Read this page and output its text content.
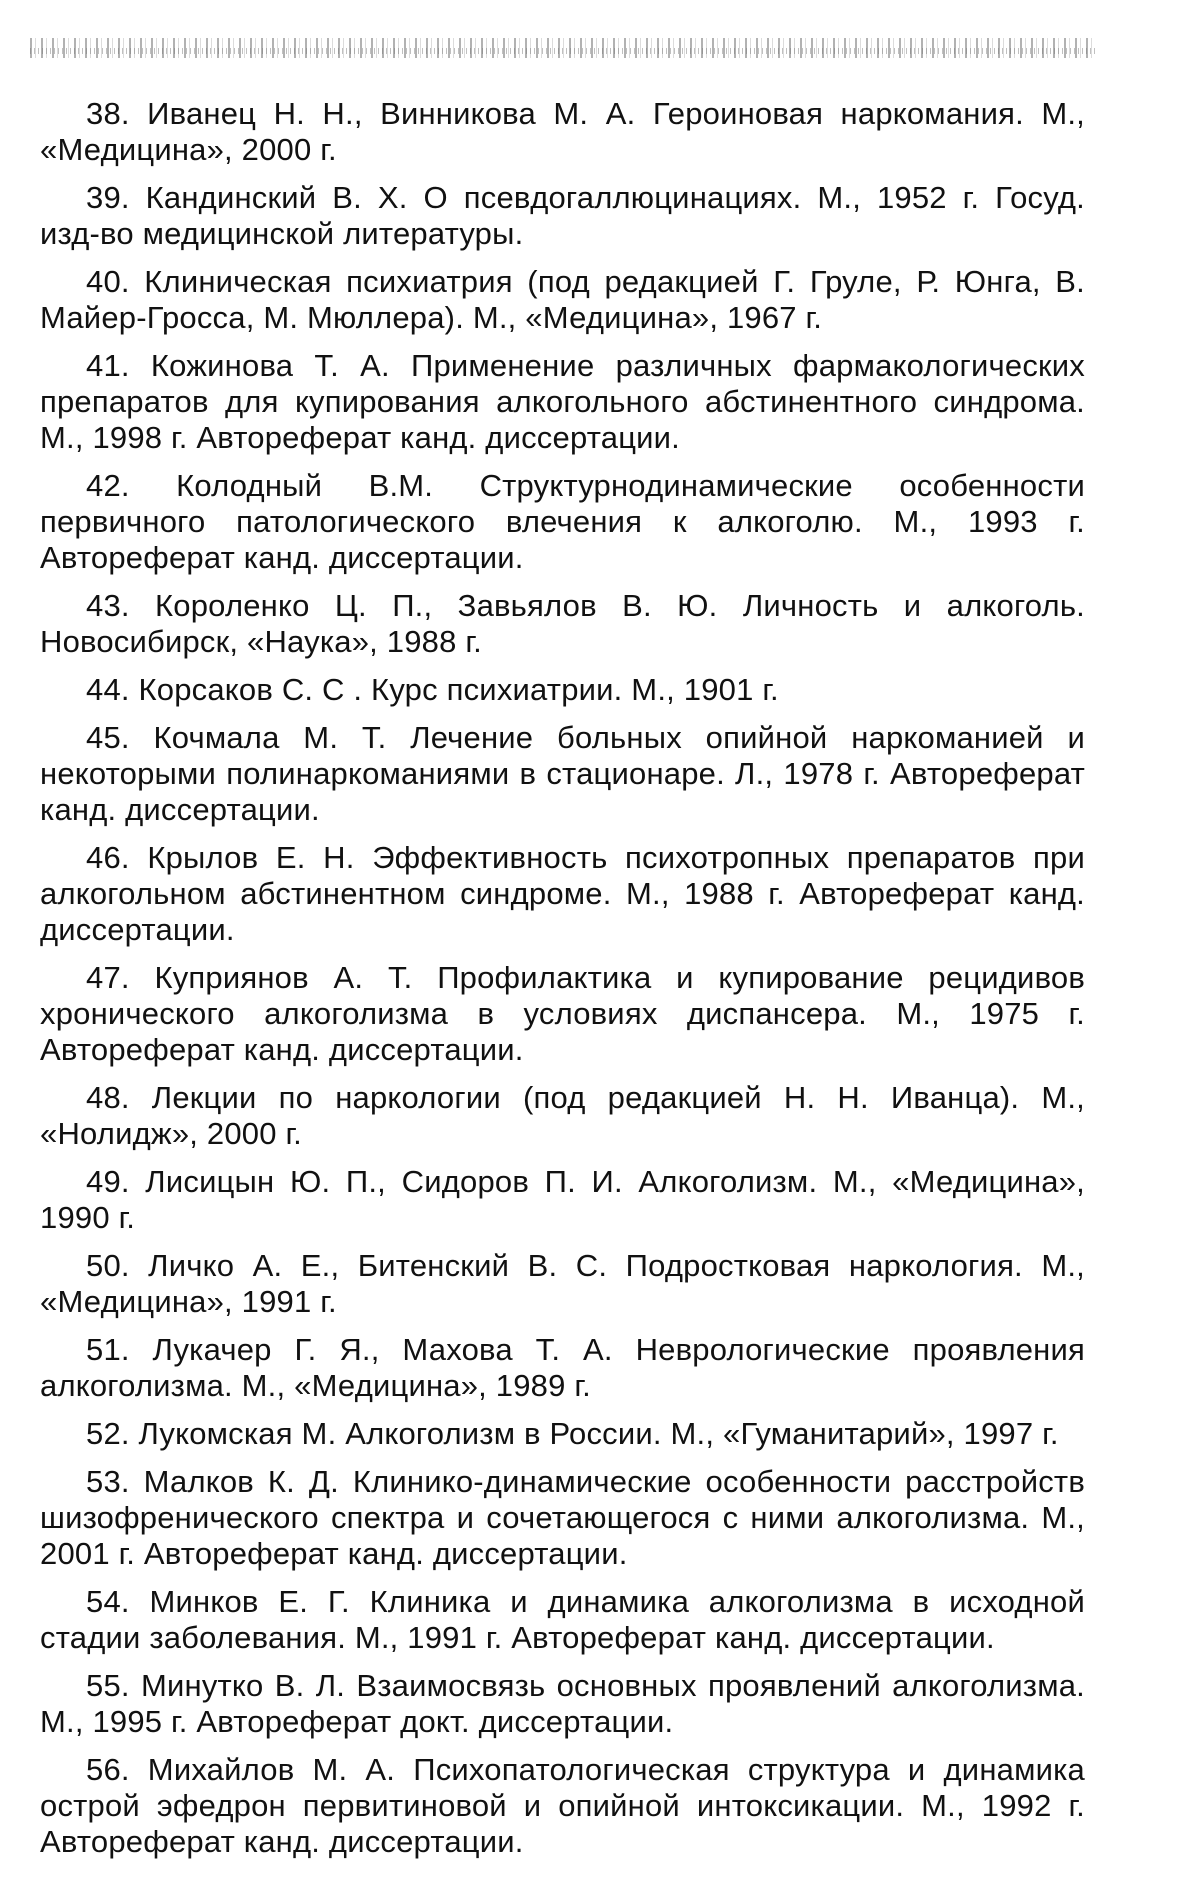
38. Иванец Н. Н., Винникова М. А. Героиновая наркомания. М., «Медицина», 2000 г.

39. Кандинский В. Х. О псевдогаллюцинациях. М., 1952 г. Госуд. изд-во медицинской литературы.

40. Клиническая психиатрия (под редакцией Г. Груле, Р. Юнга, В. Майер-Гросса, М. Мюллера). М., «Медицина», 1967 г.

41. Кожинова Т. А. Применение различных фармакологических препаратов для купирования алкогольного абстинентного синдрома. М., 1998 г. Автореферат канд. диссертации.

42. Колодный В.М. Структурнодинамические особенности первичного патологического влечения к алкоголю. М., 1993 г. Автореферат канд. диссертации.

43. Короленко Ц. П., Завьялов В. Ю. Личность и алкоголь. Новосибирск, «Наука», 1988 г.

44. Корсаков С. С . Курс психиатрии. М., 1901 г.

45. Кочмала М. Т. Лечение больных опийной наркоманией и некоторыми полинаркоманиями в стационаре. Л., 1978 г. Автореферат канд. диссертации.

46. Крылов Е. Н. Эффективность психотропных препаратов при алкогольном абстинентном синдроме. М., 1988 г. Автореферат канд. диссертации.

47. Куприянов А. Т. Профилактика и купирование рецидивов хронического алкоголизма в условиях диспансера. М., 1975 г. Автореферат канд. диссертации.

48. Лекции по наркологии (под редакцией Н. Н. Иванца). М., «Нолидж», 2000 г.

49. Лисицын Ю. П., Сидоров П. И. Алкоголизм. М., «Медицина», 1990 г.

50. Личко А. Е., Битенский В. С. Подростковая наркология. М., «Медицина», 1991 г.

51. Лукачер Г. Я., Махова Т. А. Неврологические проявления алкоголизма. М., «Медицина», 1989 г.

52. Лукомская М. Алкоголизм в России. М., «Гуманитарий», 1997 г.

53. Малков К. Д. Клинико-динамические особенности расстройств шизофренического спектра и сочетающегося с ними алкоголизма. М., 2001 г. Автореферат канд. диссертации.

54. Минков Е. Г. Клиника и динамика алкоголизма в исходной стадии заболевания. М., 1991 г. Автореферат канд. диссертации.

55. Минутко В. Л. Взаимосвязь основных проявлений алкоголизма. М., 1995 г. Автореферат докт. диссертации.

56. Михайлов М. А. Психопатологическая структура и динамика острой эфедрон первитиновой и опийной интоксикации. М., 1992 г. Автореферат канд. диссертации.
